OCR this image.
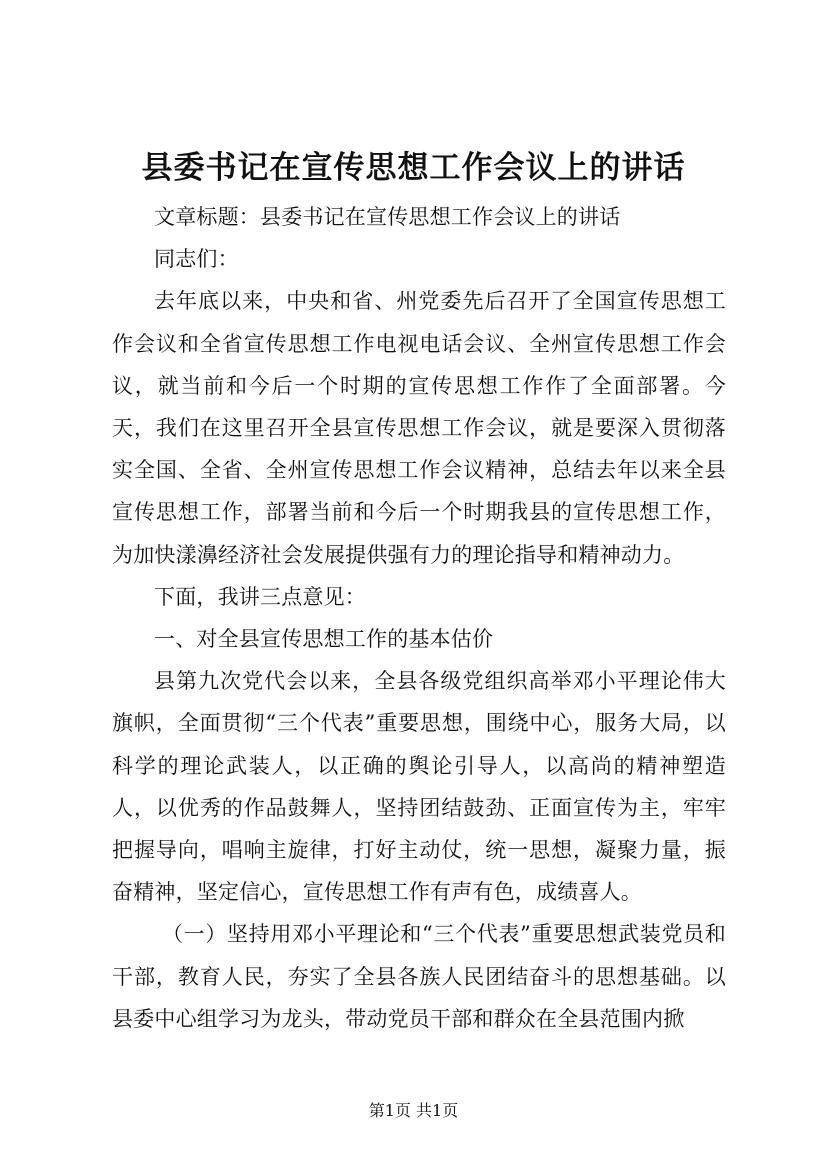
县委书记在宣传思想工作会议上的讲话

文章标题：县委书记在宣传思想工作会议上的讲话

同志们：

去年底以来，中央和省、州党委先后召开了全国宣传思想工作会议和全省宣传思想工作电视电话会议、全州宣传思想工作会议，就当前和今后一个时期的宣传思想工作作了全面部署。今天，我们在这里召开全县宣传思想工作会议，就是要深入贯彻落实全国、全省、全州宣传思想工作会议精神，总结去年以来全县宣传思想工作，部署当前和今后一个时期我县的宣传思想工作，为加快漾濞经济社会发展提供强有力的理论指导和精神动力。

下面，我讲三点意见：

一、对全县宣传思想工作的基本估价

县第九次党代会以来，全县各级党组织高举邓小平理论伟大旗帜，全面贯彻“三个代表”重要思想，围绕中心，服务大局，以科学的理论武装人，以正确的舆论引导人，以高尚的精神塑造人，以优秀的作品鼓舞人，坚持团结鼓劲、正面宣传为主，牢牢把握导向，唱响主旋律，打好主动仗，统一思想，凝聚力量，振奋精神，坚定信心，宣传思想工作有声有色，成绩喜人。

（一）坚持用邓小平理论和“三个代表”重要思想武装党员和干部，教育人民，夯实了全县各族人民团结奋斗的思想基础。以县委中心组学习为龙头，带动党员干部和群众在全县范围内掀

第1页 共1页
